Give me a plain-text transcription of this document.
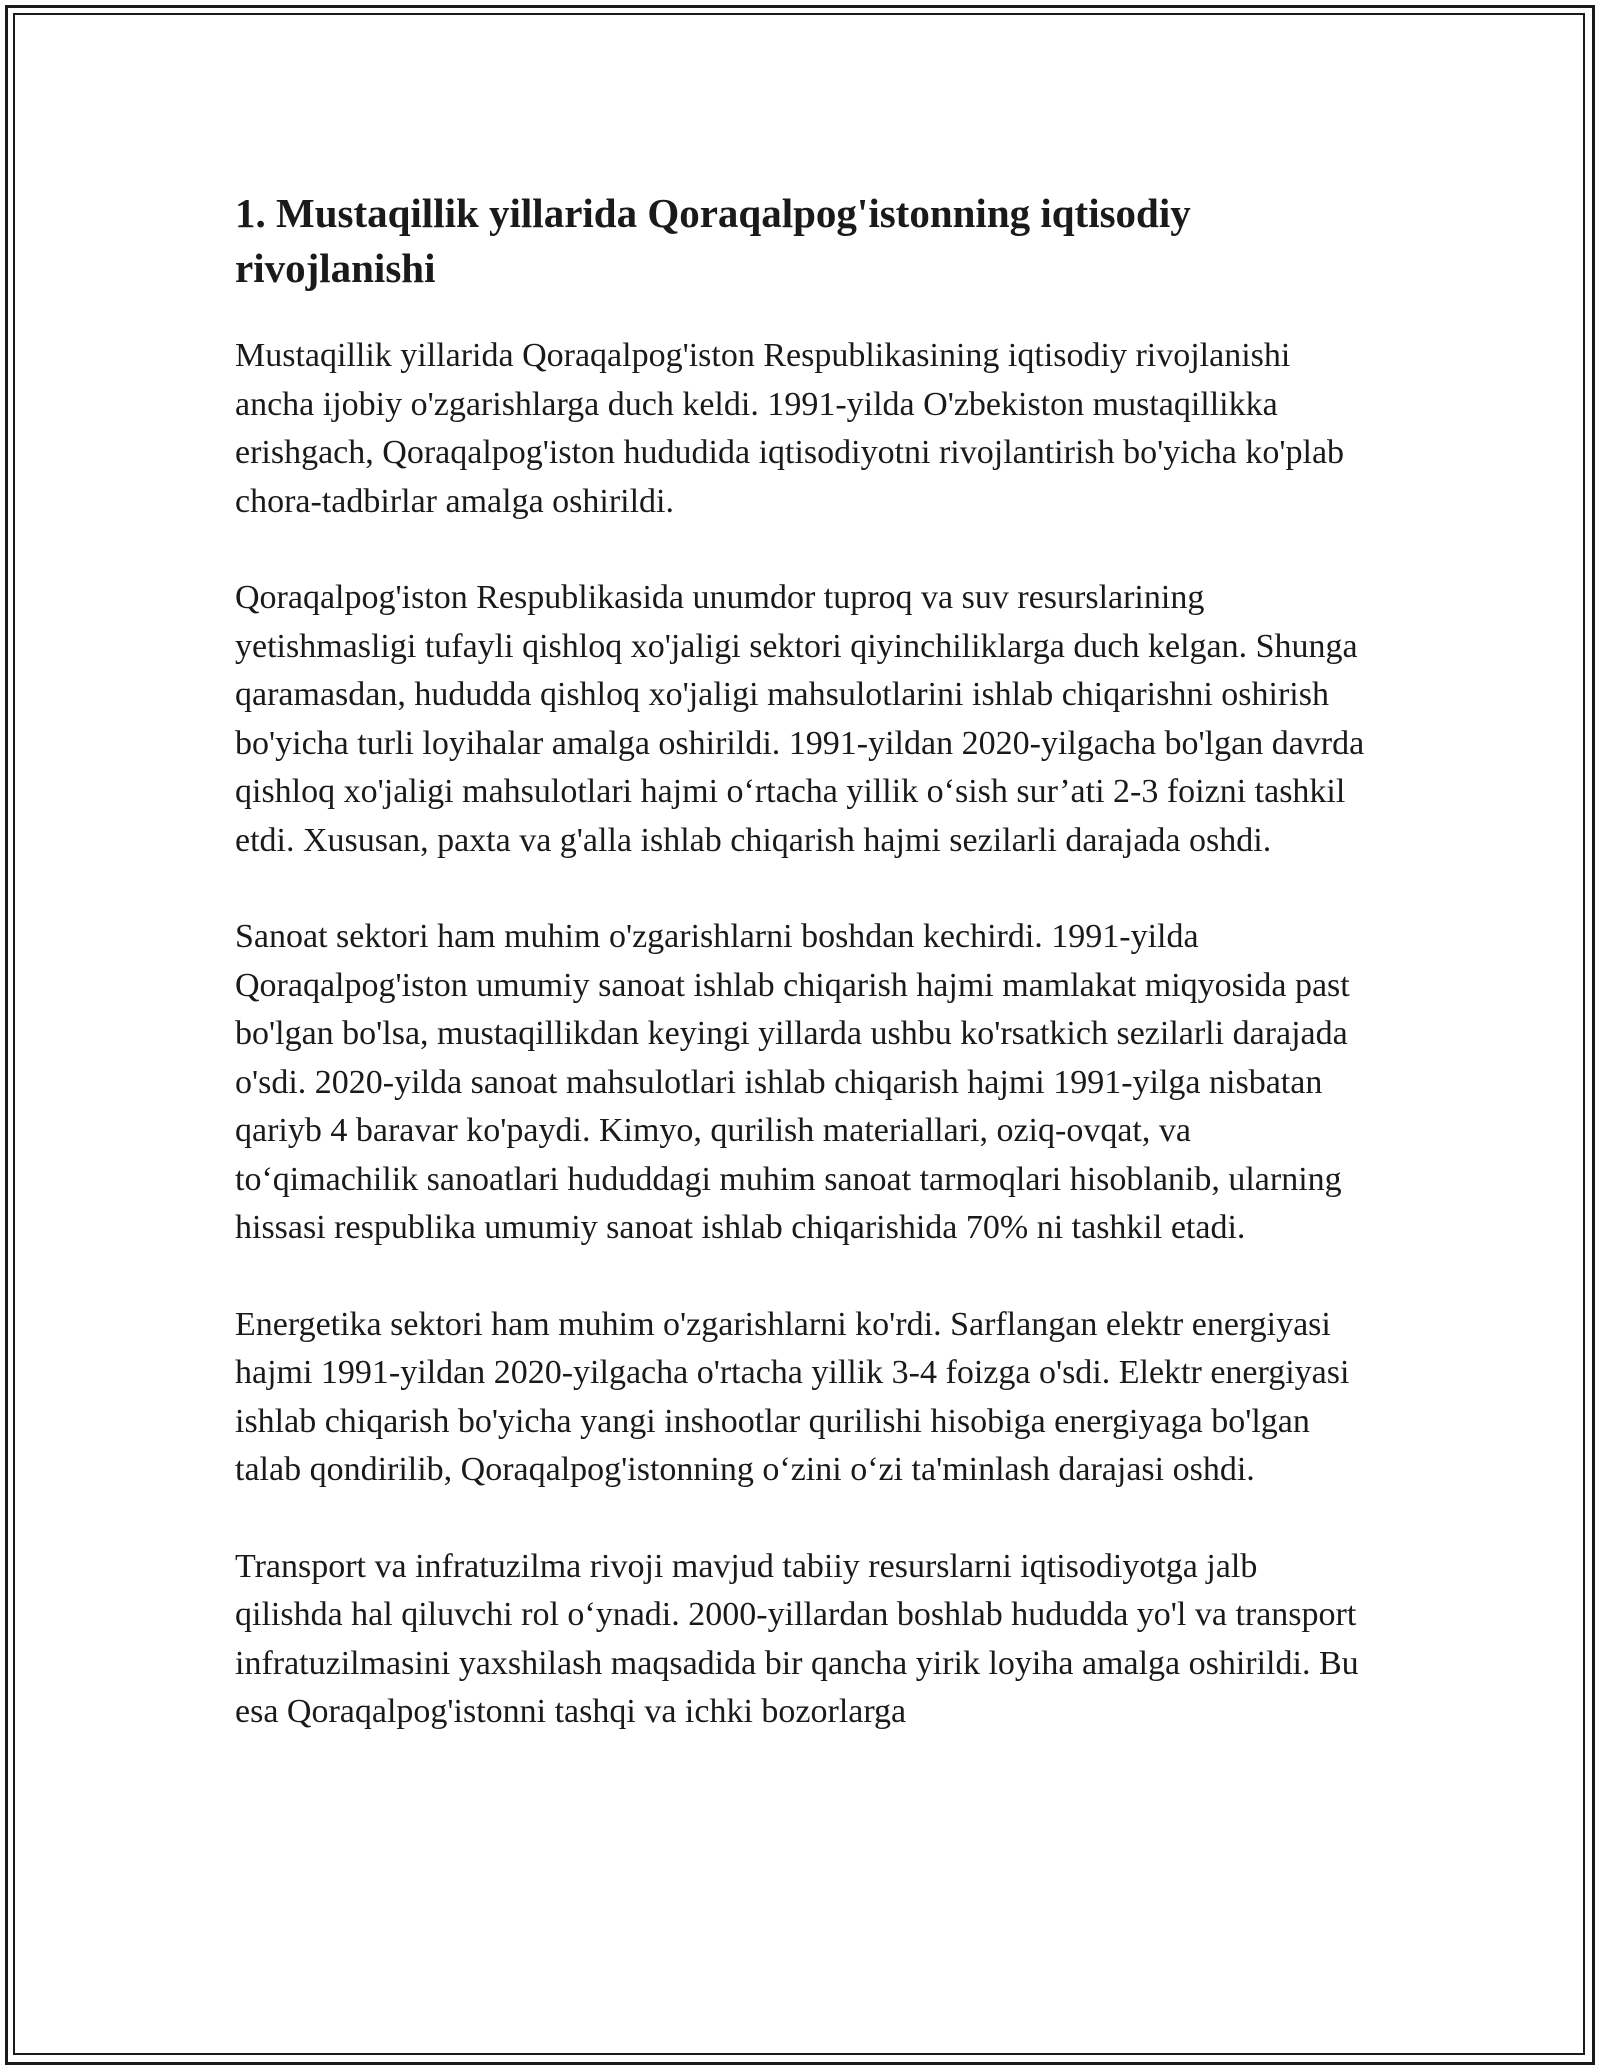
1. Mustaqillik yillarida Qoraqalpog'istonning iqtisodiy rivojlanishi

Mustaqillik yillarida Qoraqalpog'iston Respublikasining iqtisodiy rivojlanishi ancha ijobiy o'zgarishlarga duch keldi. 1991-yilda O'zbekiston mustaqillikka erishgach, Qoraqalpog'iston hududida iqtisodiyotni rivojlantirish bo'yicha ko'plab chora-tadbirlar amalga oshirildi.

Qoraqalpog'iston Respublikasida unumdor tuproq va suv resurslarining yetishmasligi tufayli qishloq xo'jaligi sektori qiyinchiliklarga duch kelgan. Shunga qaramasdan, hududda qishloq xo'jaligi mahsulotlarini ishlab chiqarishni oshirish bo'yicha turli loyihalar amalga oshirildi. 1991-yildan 2020-yilgacha bo'lgan davrda qishloq xo'jaligi mahsulotlari hajmi o‘rtacha yillik o‘sish sur’ati 2-3 foizni tashkil etdi. Xususan, paxta va g'alla ishlab chiqarish hajmi sezilarli darajada oshdi.

Sanoat sektori ham muhim o'zgarishlarni boshdan kechirdi. 1991-yilda Qoraqalpog'iston umumiy sanoat ishlab chiqarish hajmi mamlakat miqyosida past bo'lgan bo'lsa, mustaqillikdan keyingi yillarda ushbu ko'rsatkich sezilarli darajada o'sdi. 2020-yilda sanoat mahsulotlari ishlab chiqarish hajmi 1991-yilga nisbatan qariyb 4 baravar ko'paydi. Kimyo, qurilish materiallari, oziq-ovqat, va to‘qimachilik sanoatlari hududdagi muhim sanoat tarmoqlari hisoblanib, ularning hissasi respublika umumiy sanoat ishlab chiqarishida 70% ni tashkil etadi.

Energetika sektori ham muhim o'zgarishlarni ko'rdi. Sarflangan elektr energiyasi hajmi 1991-yildan 2020-yilgacha o'rtacha yillik 3-4 foizga o'sdi. Elektr energiyasi ishlab chiqarish bo'yicha yangi inshootlar qurilishi hisobiga energiyaga bo'lgan talab qondirilib, Qoraqalpog'istonning o‘zini o‘zi ta'minlash darajasi oshdi.

Transport va infratuzilma rivoji mavjud tabiiy resurslarni iqtisodiyotga jalb qilishda hal qiluvchi rol o‘ynadi. 2000-yillardan boshlab hududda yo'l va transport infratuzilmasini yaxshilash maqsadida bir qancha yirik loyiha amalga oshirildi. Bu esa Qoraqalpog'istonni tashqi va ichki bozorlarga
